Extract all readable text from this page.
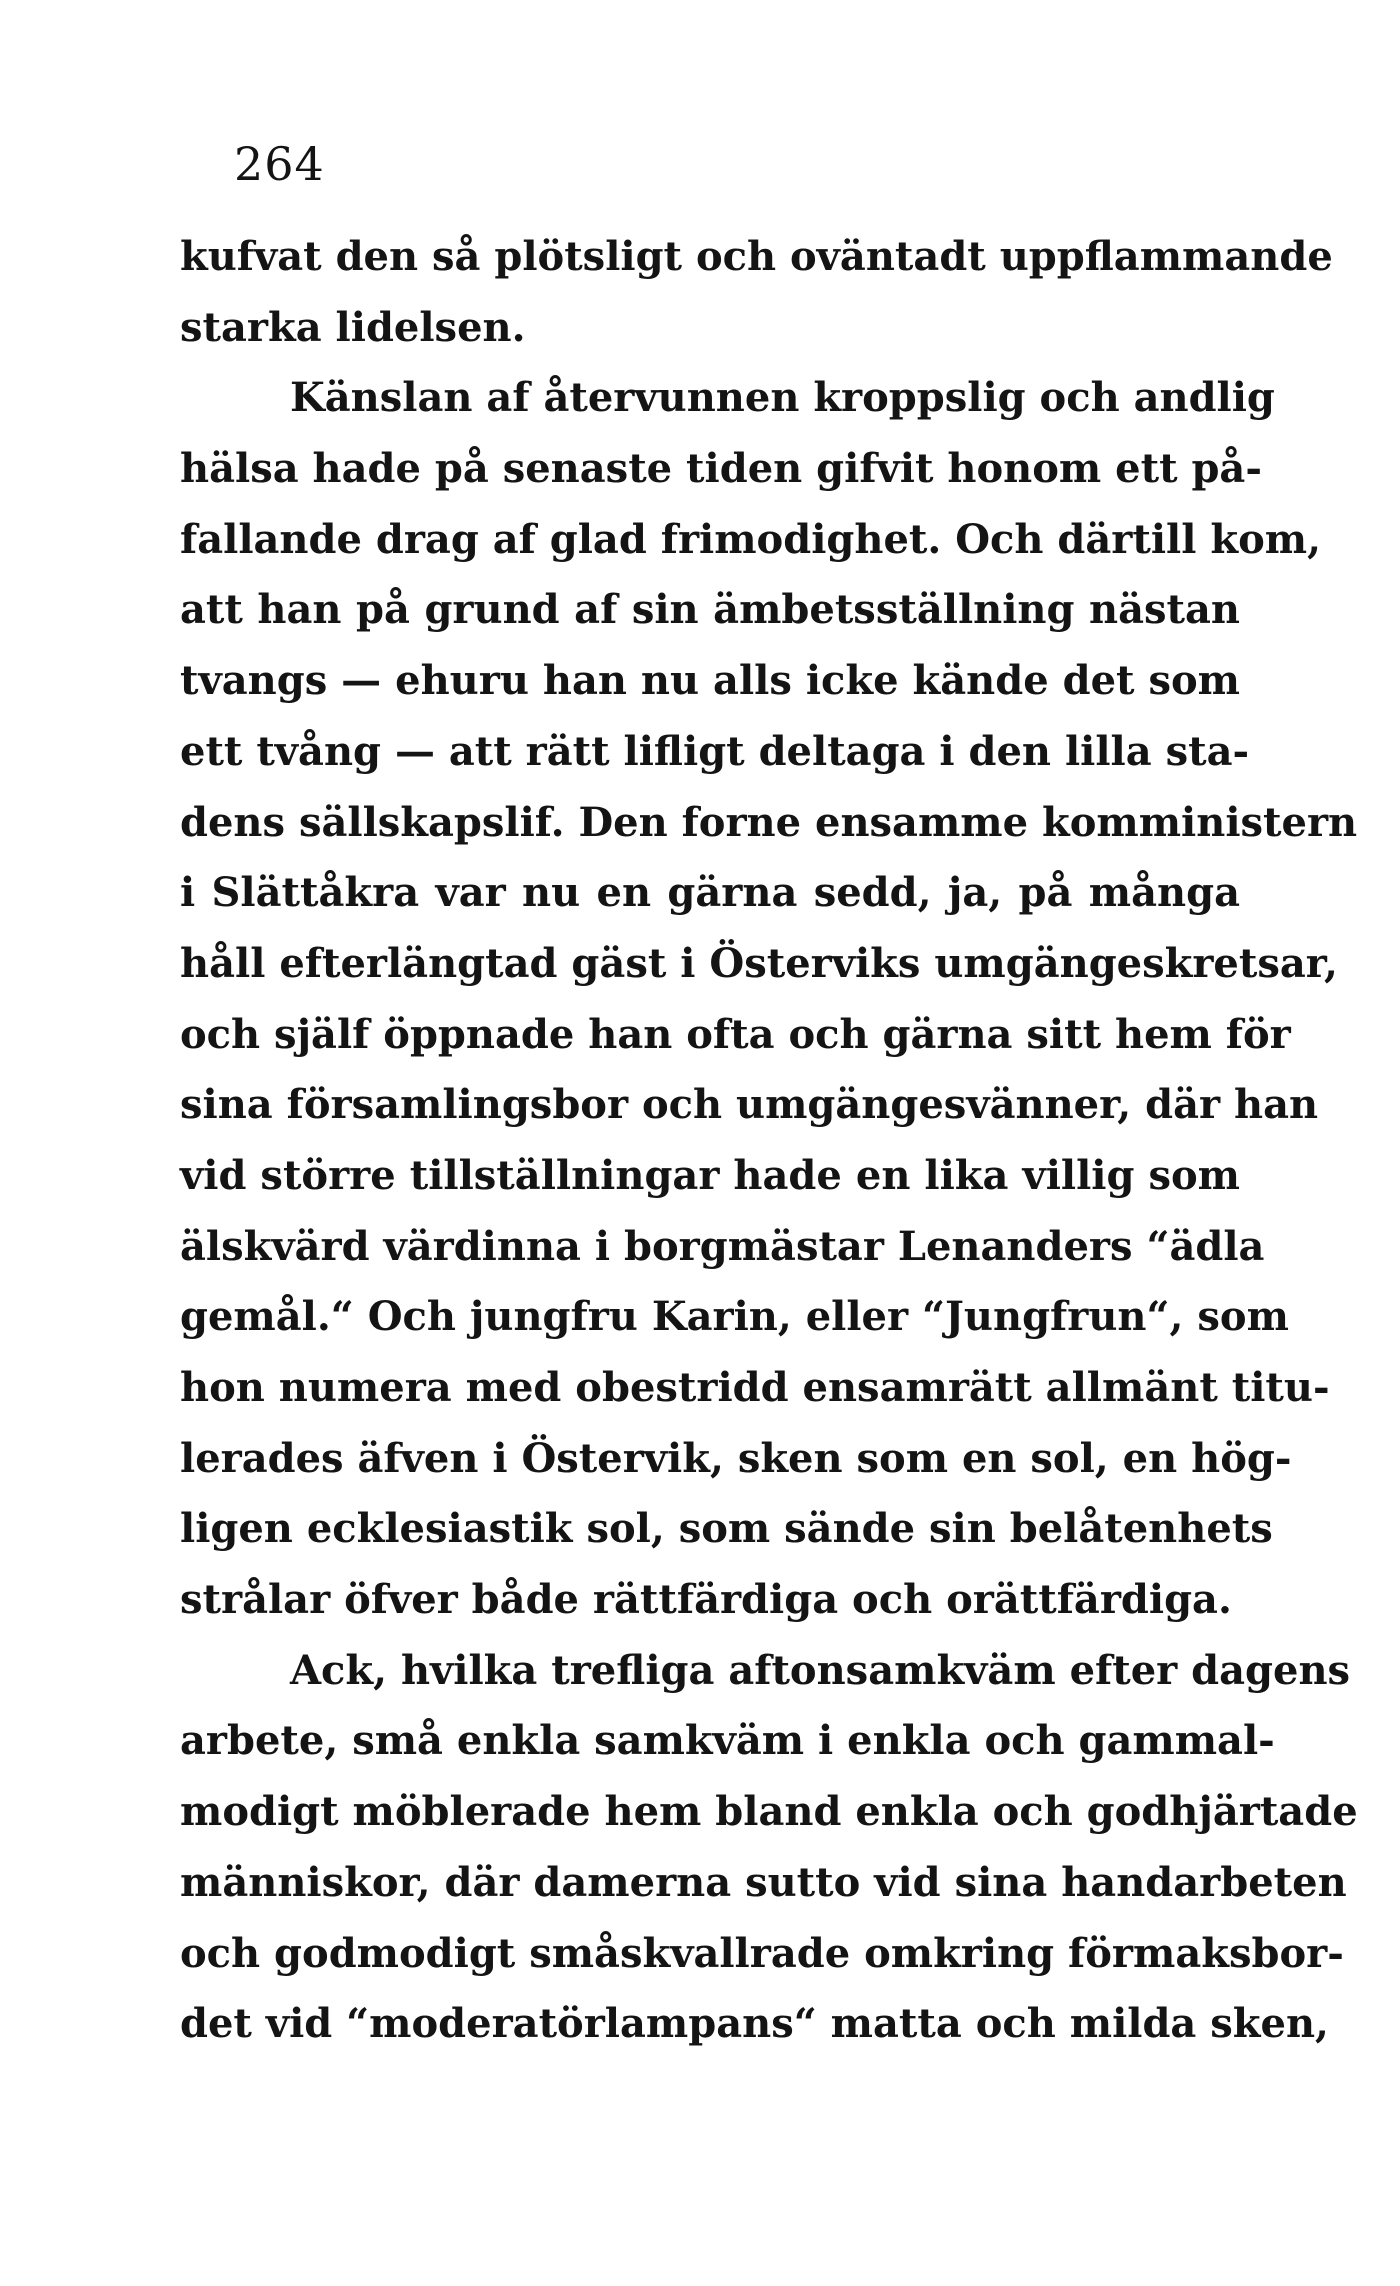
264
kufvat den så plötsligt och oväntadt uppflammande
starka lidelsen.
Känslan af återvunnen kroppslig och andlig
hälsa hade på senaste tiden gifvit honom ett på-
fallande drag af glad frimodighet. Och därtill kom,
att han på grund af sin ämbetsställning nästan
tvangs — ehuru han nu alls icke kände det som
ett tvång — att rätt lifligt deltaga i den lilla sta-
dens sällskapslif. Den forne ensamme komministern
i Slättåkra var nu en gärna sedd, ja, på många
håll efterlängtad gäst i Österviks umgängeskretsar,
och själf öppnade han ofta och gärna sitt hem för
sina församlingsbor och umgängesvänner, där han
vid större tillställningar hade en lika villig som
älskvärd värdinna i borgmästar Lenanders “ädla
gemål.“ Och jungfru Karin, eller “Jungfrun“, som
hon numera med obestridd ensamrätt allmänt titu-
lerades äfven i Östervik, sken som en sol, en hög-
ligen ecklesiastik sol, som sände sin belåtenhets
strålar öfver både rättfärdiga och orättfärdiga.
Ack, hvilka trefliga aftonsamkväm efter dagens
arbete, små enkla samkväm i enkla och gammal-
modigt möblerade hem bland enkla och godhjärtade
människor, där damerna sutto vid sina handarbeten
och godmodigt småskvallrade omkring förmaksbor-
det vid “moderatörlampans“ matta och milda sken,
